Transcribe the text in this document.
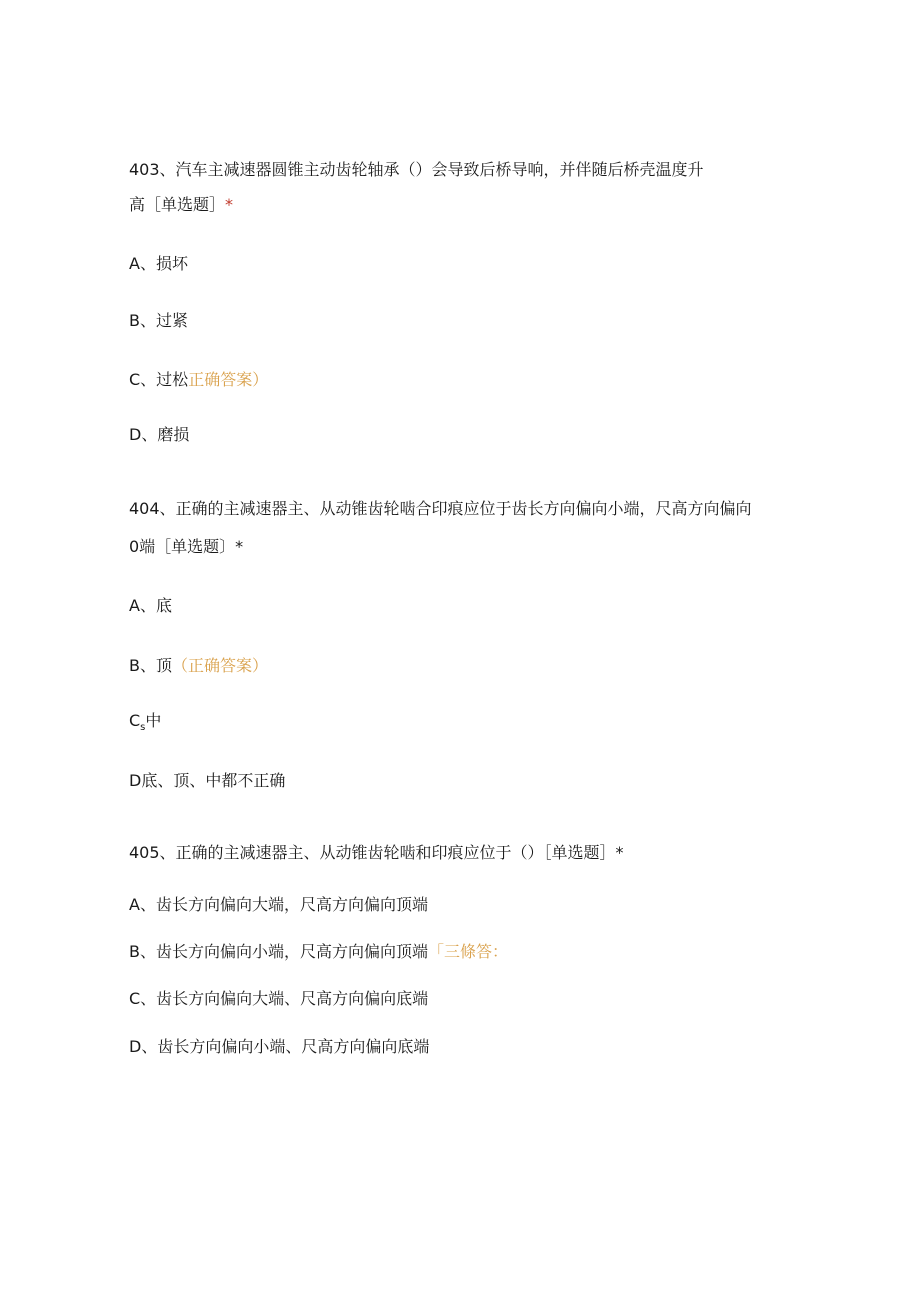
403、汽车主减速器圆锥主动齿轮轴承（）会导致后桥导响，并伴随后桥壳温度升
高［单选题］*
A、损坏
B、过紧
C、过松正确答案）
D、磨损
404、正确的主减速器主、从动锥齿轮啮合印痕应位于齿长方向偏向小端，尺高方向偏向
0端［单选题〕*
A、底
B、顶（正确答案）
$C_s$中
D底、顶、中都不正确
405、正确的主减速器主、从动锥齿轮啮和印痕应位于（）［单选题］*
A、齿长方向偏向大端，尺高方向偏向顶端
B、齿长方向偏向小端，尺高方向偏向顶端「三條答：
C、齿长方向偏向大端、尺高方向偏向底端
D、齿长方向偏向小端、尺高方向偏向底端
